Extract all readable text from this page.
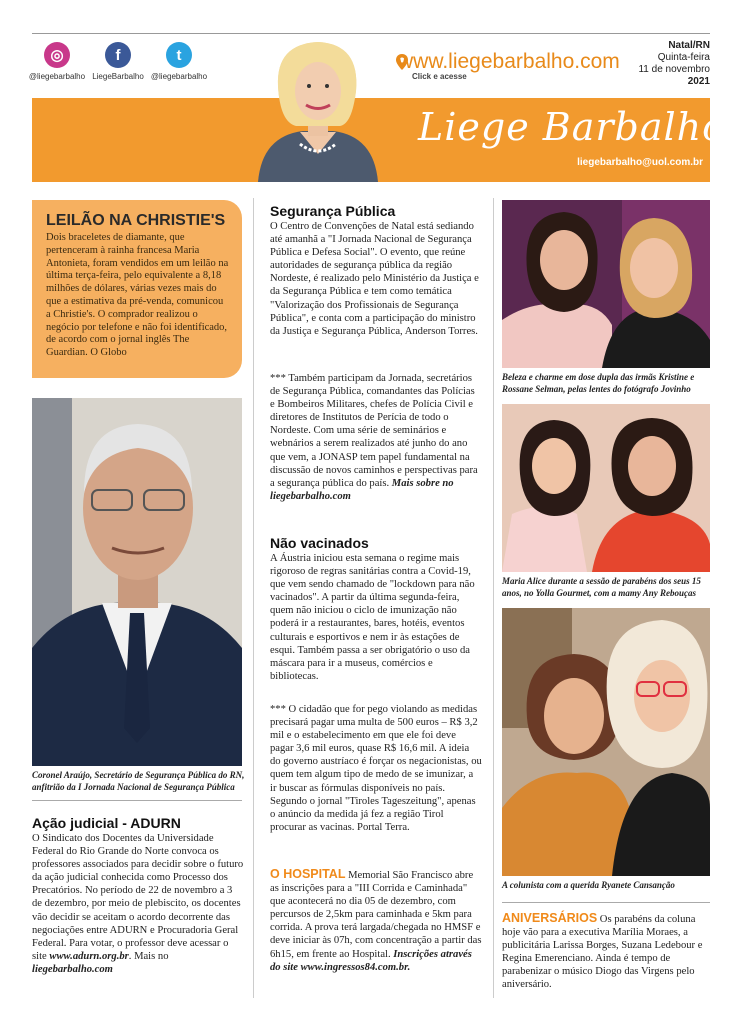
◎
@liegebarbalho
f
LiegeBarbalho
t
@liegebarbalho
www.liegebarbalho.com
Click e acesse
Natal/RN
Quinta-feira
11 de novembro
2021
Liege Barbalho
liegebarbalho@uol.com.br
LEILÃO NA CHRISTIE'S

Dois braceletes de diamante, que pertenceram à rainha francesa Maria Antonieta, foram vendidos em um leilão na última terça-feira, pelo equivalente a 8,18 milhões de dólares, várias vezes mais do que a estimativa da pré-venda, comunicou a Christie's. O comprador realizou o negócio por telefone e não foi identificado, de acordo com o jornal inglês The Guardian. O Globo

Coronel Araújo, Secretário de Segurança Pública do RN, anfitrião da I Jornada Nacional de Segurança Pública
Ação judicial - ADURN
O Sindicato dos Docentes da Universidade Federal do Rio Grande do Norte convoca os professores associados para decidir sobre o futuro da ação judicial conhecida como Processo dos Precatórios. No período de 22 de novembro a 3 de dezembro, por meio de plebiscito, os docentes vão decidir se aceitam o acordo decorrente das negociações entre ADURN e Procuradoria Geral Federal. Para votar, o professor deve acessar o site www.adurn.org.br. Mais no liegebarbalho.com
Segurança Pública
O Centro de Convenções de Natal está sediando até amanhã a "I Jornada Nacional de Segurança Pública e Defesa Social". O evento, que reúne autoridades de segurança pública da região Nordeste, é realizado pelo Ministério da Justiça e da Segurança Pública e tem como temática "Valorização dos Profissionais de Segurança Pública", e conta com a participação do ministro da Justiça e Segurança Pública, Anderson Torres.
*** Também participam da Jornada, secretários de Segurança Pública, comandantes das Polícias e Bombeiros Militares, chefes de Polícia Civil e diretores de Institutos de Perícia de todo o Nordeste. Com uma série de seminários e webnários a serem realizados até junho do ano que vem, a JONASP tem papel fundamental na discussão de novos caminhos e perspectivas para a segurança pública do país. Mais sobre no liegebarbalho.com
Não vacinados
A Áustria iniciou esta semana o regime mais rigoroso de regras sanitárias contra a Covid-19, que vem sendo chamado de "lockdown para não vacinados". A partir da última segunda-feira, quem não iniciou o ciclo de imunização não poderá ir a restaurantes, bares, hotéis, eventos culturais e esportivos e nem ir às estações de esqui. Também passa a ser obrigatório o uso da máscara para ir a museus, comércios e bibliotecas.
*** O cidadão que for pego violando as medidas precisará pagar uma multa de 500 euros – R$ 3,2 mil e o estabelecimento em que ele foi deve pagar 3,6 mil euros, quase R$ 16,6 mil. A ideia do governo austríaco é forçar os negacionistas, ou quem tem algum tipo de medo de se imunizar, a ir buscar as fórmulas disponíveis no país. Segundo o jornal "Tiroles Tageszeitung", apenas o anúncio da medida já fez a região Tirol procurar as vacinas. Portal Terra.
O HOSPITAL Memorial São Francisco abre as inscrições para a "III Corrida e Caminhada" que acontecerá no dia 05 de dezembro, com percursos de 2,5km para caminhada e 5km para corrida. A prova terá largada/chegada no HMSF e deve iniciar às 07h, com concentração a partir das 6h15, em frente ao Hospital. Inscrições através do site www.ingressos84.com.br.
Beleza e charme em dose dupla das irmãs Kristine e Rossane Selman, pelas lentes do fotógrafo Jovinho
Maria Alice durante a sessão de parabéns dos seus 15 anos, no Yolla Gourmet, com a mamy Any Rebouças
A colunista com a querida Ryanete Cansanção
ANIVERSÁRIOS Os parabéns da coluna hoje vão para a executiva Marília Moraes, a publicitária Larissa Borges, Suzana Ledebour e Regina Emerenciano. Ainda é tempo de parabenizar o músico Diogo das Virgens pelo aniversário.
